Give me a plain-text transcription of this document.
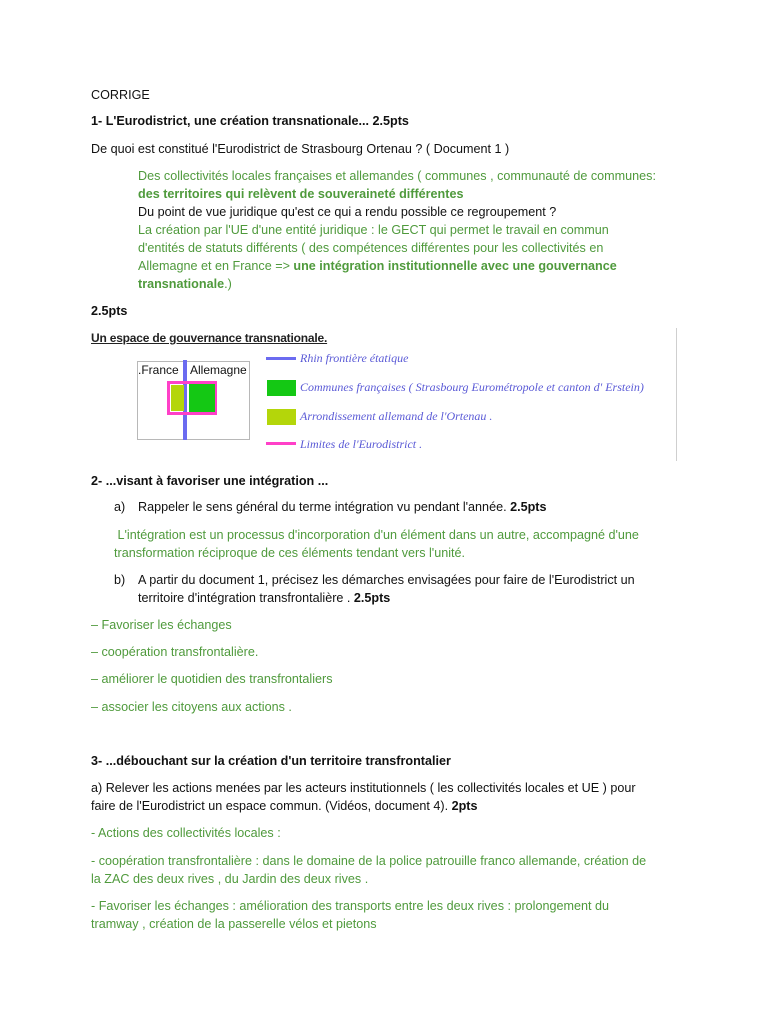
CORRIGE
1- L'Eurodistrict, une création transnationale... 2.5pts
De quoi est constitué l'Eurodistrict de Strasbourg Ortenau ? ( Document 1 )
Des collectivités locales françaises et allemandes ( communes , communauté de communes:
des territoires qui relèvent de souveraineté différentes
Du point de vue juridique qu'est ce qui a rendu possible ce regroupement ?
La création par l'UE d'une entité juridique : le GECT qui permet le travail en commun
d'entités de statuts différents ( des compétences différentes pour les collectivités en
Allemagne et en France => une intégration institutionnelle avec une gouvernance
transnationale.)
2.5pts
Un espace de gouvernance transnationale.
.France Allemagne
Rhin frontière étatique
Communes françaises ( Strasbourg Eurométropole et canton d' Erstein)
Arrondissement allemand de l'Ortenau .
Limites de l'Eurodistrict .
2- ...visant à favoriser une intégration ...
a) Rappeler le sens général du terme intégration vu pendant l'année. 2.5pts
L'intégration est un processus d'incorporation d'un élément dans un autre, accompagné d'une
transformation réciproque de ces éléments tendant vers l'unité.
b) A partir du document 1, précisez les démarches envisagées pour faire de l'Eurodistrict un
territoire d'intégration transfrontalière . 2.5pts
– Favoriser les échanges
– coopération transfrontalière.
– améliorer le quotidien des transfrontaliers
– associer les citoyens aux actions .
3- ...débouchant sur la création d'un territoire transfrontalier
a) Relever les actions menées par les acteurs institutionnels ( les collectivités locales et UE ) pour
faire de l'Eurodistrict un espace commun. (Vidéos, document 4). 2pts
- Actions des collectivités locales :
- coopération transfrontalière : dans le domaine de la police patrouille franco allemande, création de
la ZAC des deux rives , du Jardin des deux rives .
- Favoriser les échanges : amélioration des transports entre les deux rives : prolongement du
tramway , création de la passerelle vélos et pietons
